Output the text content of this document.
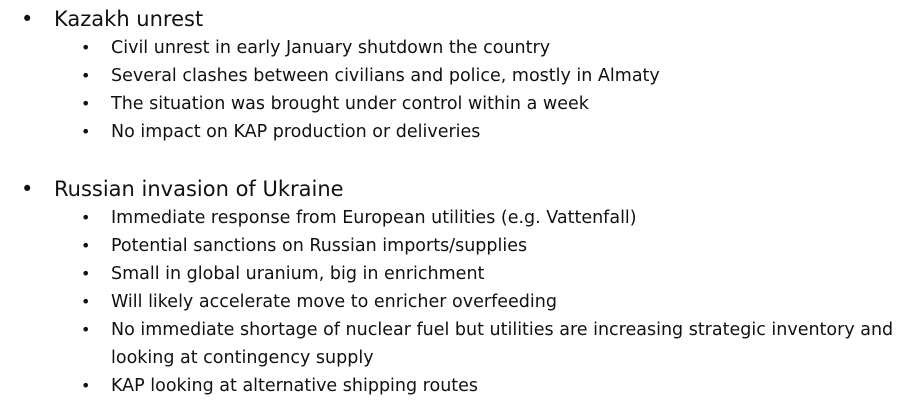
• Kazakh unrest
• Civil unrest in early January shutdown the country
• Several clashes between civilians and police, mostly in Almaty
• The situation was brought under control within a week
• No impact on KAP production or deliveries
• Russian invasion of Ukraine
• Immediate response from European utilities (e.g. Vattenfall)
• Potential sanctions on Russian imports/supplies
• Small in global uranium, big in enrichment
• Will likely accelerate move to enricher overfeeding
• No immediate shortage of nuclear fuel but utilities are increasing strategic inventory and looking at contingency supply
• KAP looking at alternative shipping routes
